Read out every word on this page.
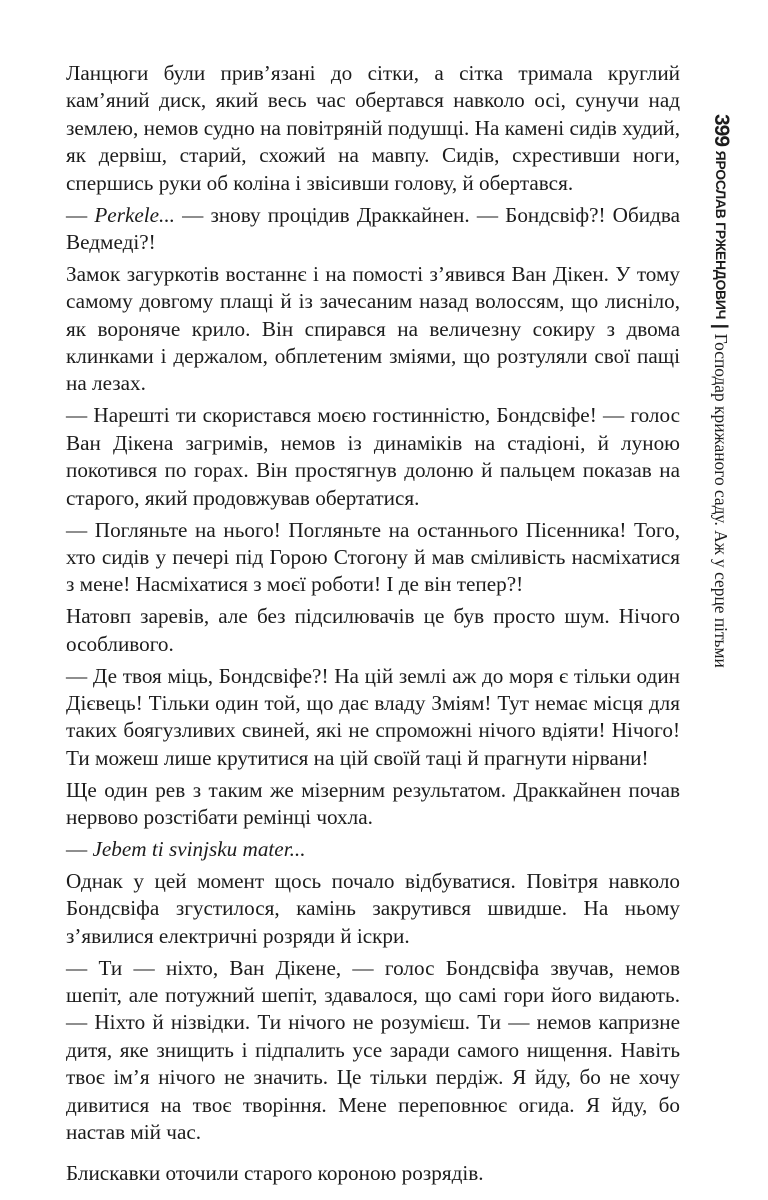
Ланцюги були прив’язані до сітки, а сітка тримала круглий кам’яний диск, який весь час обертався навколо осі, сунучи над землею, немов судно на повітряній подушці. На камені сидів худий, як дервіш, старий, схожий на мавпу. Сидів, схрестивши ноги, спершись руки об коліна і звісивши голову, й обертався.

— Perkele... — знову процідив Драккайнен. — Бондсвіф?! Обидва Ведмеді?!

Замок загуркотів востаннє і на помості з’явився Ван Дікен. У тому самому довгому плащі й із зачесаним назад волоссям, що лисніло, як вороняче крило. Він спирався на величезну сокиру з двома клинками і держалом, обплетеним зміями, що розтуляли свої пащі на лезах.

— Нарешті ти скористався моєю гостинністю, Бондсвіфе! — голос Ван Дікена загримів, немов із динаміків на стадіоні, й луною покотився по горах. Він простягнув долоню й пальцем показав на старого, який продовжував обертатися.

— Погляньте на нього! Погляньте на останнього Пісенника! Того, хто сидів у печері під Горою Стогону й мав сміливість насміхатися з мене! Насміхатися з моєї роботи! І де він тепер?!

Натовп заревів, але без підсилювачів це був просто шум. Нічого особливого.

— Де твоя міць, Бондсвіфе?! На цій землі аж до моря є тільки один Дієвець! Тільки один той, що дає владу Зміям! Тут немає місця для таких боягузливих свиней, які не спроможні нічого вдіяти! Нічого! Ти можеш лише крутитися на цій своїй таці й прагнути нірвани!

Ще один рев з таким же мізерним результатом. Драккайнен почав нервово розстібати ремінці чохла.

— Jebem ti svinjsku mater...

Однак у цей момент щось почало відбуватися. Повітря навколо Бондсвіфа згустилося, камінь закрутився швидше. На ньому з’явилися електричні розряди й іскри.

— Ти — ніхто, Ван Дікене, — голос Бондсвіфа звучав, немов шепіт, але потужний шепіт, здавалося, що самі гори його видають. — Ніхто й нізвідки. Ти нічого не розумієш. Ти — немов капризне дитя, яке знищить і підпалить усе заради самого нищення. Навіть твоє ім’я нічого не значить. Це тільки пердіж. Я йду, бо не хочу дивитися на твоє творіння. Мене переповнює огида. Я йду, бо настав мій час.

Блискавки оточили старого короною розрядів.

399 ЯРОСЛАВ ГРЖЕНДОВИЧ | Господар крижаного саду. Аж у серце пітьми
